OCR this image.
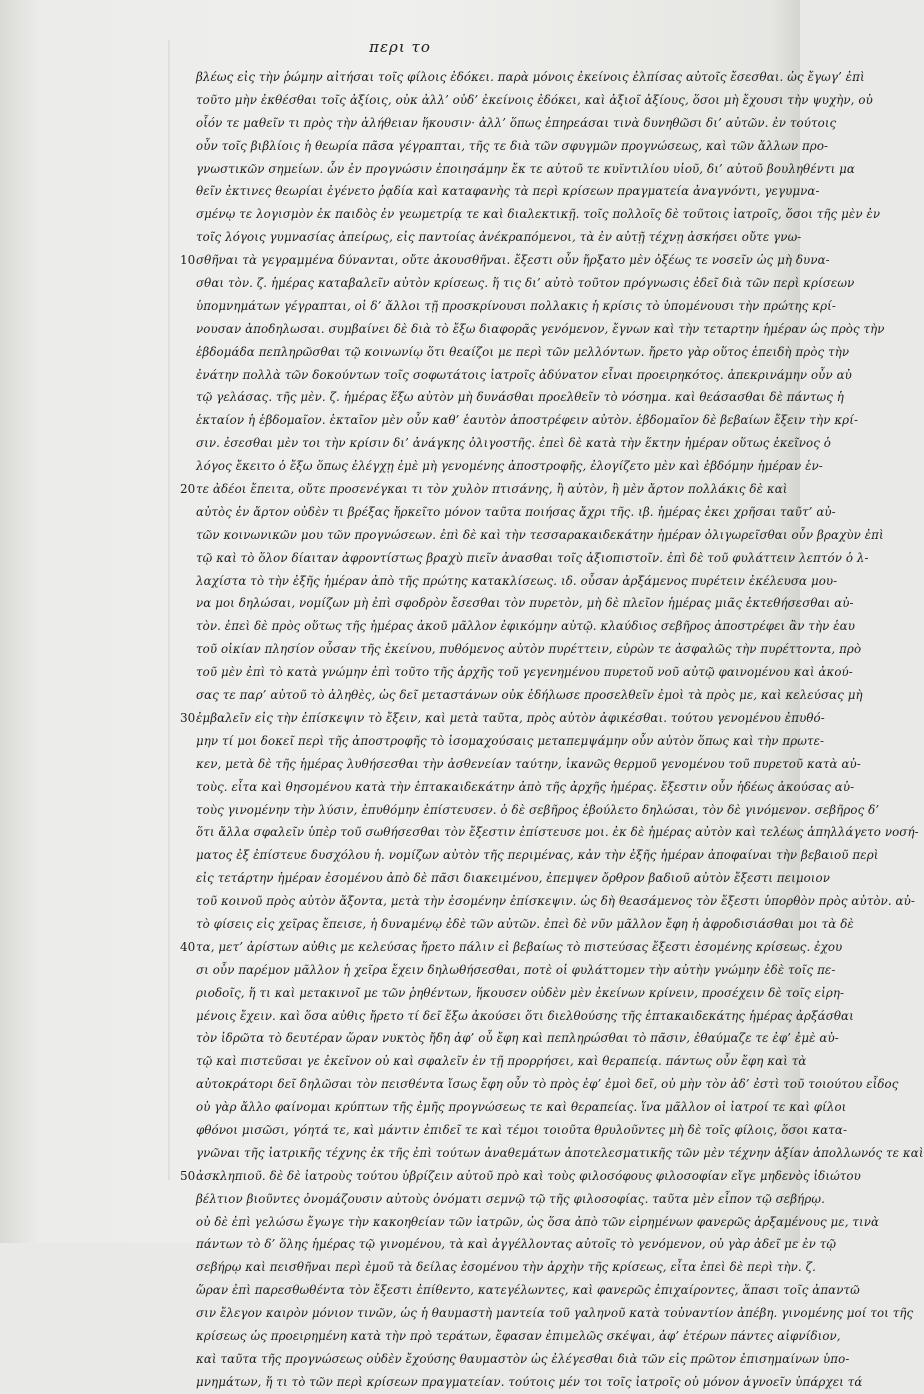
περι το
10
20
30
40
50
βλέως εἰς τὴν ῥώμην αἰτήσαι τοῖς φίλοις ἐδόκει. παρὰ μόνοις ἐκείνοις ἐλπίσας αὐτοῖς ἔσεσθαι. ὡς ἔγωγ’ ἐπὶ
τοῦτο μὴν ἐκθέσθαι τοῖς ἀξίοις, οὐκ ἀλλ’ οὐδ’ ἐκείνοις ἐδόκει, καὶ ἀξιοῖ ἀξίους, ὅσοι μὴ ἔχουσι τὴν ψυχὴν, οὐ
οἷόν τε μαθεῖν τι πρὸς τὴν ἀλήθειαν ἥκουσιν· ἀλλ’ ὅπως ἐπηρεάσαι τινὰ δυνηθῶσι δι’ αὐτῶν. ἐν τούτοις
οὖν τοῖς βιβλίοις ἡ θεωρία πᾶσα γέγραπται, τῆς τε διὰ τῶν σφυγμῶν προγνώσεως, καὶ τῶν ἄλλων προ-
γνωστικῶν σημείων. ὧν ἐν προγνώσιν ἐποιησάμην ἔκ τε αὐτοῦ τε κυϊντιλίου υἱοῦ, δι’ αὐτοῦ βουληθέντι μα
θεῖν ἐκτινες θεωρίαι ἐγένετο ῥᾳδία καὶ καταφανὴς τὰ περὶ κρίσεων πραγματεία ἀναγνόντι, γεγυμνα-
σμένῳ τε λογισμὸν ἐκ παιδὸς ἐν γεωμετρίᾳ τε καὶ διαλεκτικῇ. τοῖς πολλοῖς δὲ τοῦτοις ἰατροῖς, ὅσοι τῆς μὲν ἐν
τοῖς λόγοις γυμνασίας ἀπείρως, εἰς παντοίας ἀνέκραπόμενοι, τὰ ἐν αὐτῇ τέχνῃ ἀσκήσει οὔτε γνω-
σθῆναι τὰ γεγραμμένα δύνανται, οὔτε ἀκουσθῆναι. ἔξεστι οὖν ἤρξατο μὲν ὀξέως τε νοσεῖν ὡς μὴ δυνα-
σθαι τὸν. ζ. ἡμέρας καταβαλεῖν αὐτὸν κρίσεως. ἥ τις δι’ αὐτὸ τοῦτον πρόγνωσις ἐδεῖ διὰ τῶν περὶ κρίσεων
ὑπομνημάτων γέγραπται, οἱ δ’ ἄλλοι τῇ προσκρίνουσι πολλακις ἡ κρίσις τὸ ὑπομένουσι τὴν πρώτης κρί-
νουσαν ἀποδηλωσαι. συμβαίνει δὲ διὰ τὸ ἔξω διαφορᾶς γενόμενον, ἔγνων καὶ τὴν τεταρτην ἡμέραν ὡς πρὸς τὴν
ἑβδομάδα πεπληρῶσθαι τῷ κοινωνίῳ ὅτι θεαίζοι με περὶ τῶν μελλόντων. ἤρετο γὰρ οὕτος ἐπειδὴ πρὸς τὴν
ἐνάτην πολλὰ τῶν δοκούντων τοῖς σοφωτάτοις ἰατροῖς ἀδύνατον εἶναι προειρηκότος. ἀπεκρινάμην οὖν αὐ
τῷ γελάσας. τῆς μὲν. ζ. ἡμέρας ἕξω αὐτὸν μὴ δυνάσθαι προελθεῖν τὸ νόσημα. καὶ θεάσασθαι δὲ πάντως ἡ
ἑκταίον ἡ ἑβδομαῖον. ἑκταῖον μὲν οὖν καθ’ ἑαυτὸν ἀποστρέφειν αὐτὸν. ἑβδομαῖον δὲ βεβαίων ἔξειν τὴν κρί-
σιν. ἐσεσθαι μὲν τοι τὴν κρίσιν δι’ ἀνάγκης ὀλιγοστῆς. ἐπεὶ δὲ κατὰ τὴν ἕκτην ἡμέραν οὕτως ἐκεῖνος ὁ
λόγος ἔκειτο ὁ ἔξω ὅπως ἐλέγχῃ ἐμὲ μὴ γενομένης ἀποστροφῆς, ἐλογίζετο μὲν καὶ ἑβδόμην ἡμέραν ἑν-
τε ἀδέοι ἔπειτα, οὔτε προσενέγκαι τι τὸν χυλὸν πτισάνης, ἢ αὐτὸν, ἢ μὲν ἄρτον πολλάκις δὲ καὶ
αὐτὸς ἐν ἄρτον οὐδὲν τι βρέξας ἤρκεῖτο μόνον ταῦτα ποιήσας ἄχρι τῆς. ιβ. ἡμέρας ἐκει χρῆσαι ταῦτ’ αὐ-
τῶν κοινωνικῶν μου τῶν προγνώσεων. ἐπὶ δὲ καὶ τὴν τεσσαρακαιδεκάτην ἡμέραν ὀλιγωρεῖσθαι οὖν βραχὺν ἐπὶ
τῷ καὶ τὸ ὅλον δίαιταν ἀφροντίστως βραχὺ πιεῖν ἀνασθαι τοῖς ἀξιοπιστοῖν. ἐπὶ δὲ τοῦ φυλάττειν λεπτόν ὁ λ-
λαχίστα τὸ τὴν ἐξῆς ἡμέραν ἀπὸ τῆς πρώτης κατακλίσεως. ιδ. οὖσαν ἀρξάμενος πυρέτειν ἐκέλευσα μου-
να μοι δηλώσαι, νομίζων μὴ ἐπὶ σφοδρὸν ἔσεσθαι τὸν πυρετὸν, μὴ δὲ πλεῖον ἡμέρας μιᾶς ἐκτεθήσεσθαι αὐ-
τὸν. ἐπεὶ δὲ πρὸς οὕτως τῆς ἡμέρας ἀκοῦ μᾶλλον ἐφικόμην αὐτῷ. κλαύδιος σεβῆρος ἀποστρέφει ἂν τὴν ἑαυ
τοῦ οἰκίαν πλησίον οὖσαν τῆς ἐκείνου, πυθόμενος αὐτὸν πυρέττειν, εὐρὼν τε ἀσφαλῶς τὴν πυρέττοντα, πρὸ
τοῦ μὲν ἐπὶ τὸ κατὰ γνώμην ἐπὶ τοῦτο τῆς ἀρχῆς τοῦ γεγενημένου πυρετοῦ νοῦ αὐτῷ φαινομένου καὶ ἀκού-
σας τε παρ’ αὐτοῦ τὸ ἀληθὲς, ὡς δεῖ μεταστάνων οὐκ ἐδήλωσε προσελθεῖν ἐμοὶ τὰ πρὸς με, καὶ κελεύσας μὴ
ἐμβαλεῖν εἰς τὴν ἐπίσκεψιν τὸ ἔξειν, καὶ μετὰ ταῦτα, πρὸς αὐτὸν ἀφικέσθαι. τούτου γενομένου ἐπυθό-
μην τί μοι δοκεῖ περὶ τῆς ἀποστροφῆς τὸ ἰσομαχούσαις μεταπεμψάμην οὖν αὐτὸν ὅπως καὶ τὴν πρωτε-
κεν, μετὰ δὲ τῆς ἡμέρας λυθήσεσθαι τὴν ἀσθενείαν ταύτην, ἱκανῶς θερμοῦ γενομένου τοῦ πυρετοῦ κατὰ αὐ-
τοὺς. εἶτα καὶ θησομένου κατὰ τὴν ἑπτακαιδεκάτην ἀπὸ τῆς ἀρχῆς ἡμέρας. ἔξεστιν οὖν ἡδέως ἀκούσας αὐ-
τοὺς γινομένην τὴν λύσιν, ἐπυθόμην ἐπίστευσεν. ὁ δὲ σεβῆρος ἐβούλετο δηλώσαι, τὸν δὲ γινόμενον. σεβῆρος δ’
ὅτι ἄλλα σφαλεῖν ὑπὲρ τοῦ σωθήσεσθαι τὸν ἔξεστιν ἐπίστευσε μοι. ἐκ δὲ ἡμέρας αὐτὸν καὶ τελέως ἀπηλλάγετο νοσή-
ματος ἐξ ἐπίστευε δυσχόλου ἡ. νομίζων αὐτὸν τῆς περιμένας, κἀν τὴν ἐξῆς ἡμέραν ἀποφαίναι τὴν βεβαιοῦ περὶ
εἰς τετάρτην ἡμέραν ἐσομένου ἀπὸ δὲ πᾶσι διακειμένου, ἐπεμψεν ὄρθρον βαδιοῦ αὐτὸν ἔξεστι πειμοιον
τοῦ κοινοῦ πρὸς αὐτὸν ἄξοντα, μετὰ τὴν ἐσομένην ἐπίσκεψιν. ὡς δὴ θεασάμενος τὸν ἔξεστι ὑπορθὸν πρὸς αὐτὸν. αὐ-
τὸ φίσεις εἰς χεῖρας ἔπεισε, ἡ δυναμένῳ ἐδὲ τῶν αὐτῶν. ἐπεὶ δὲ νῦν μᾶλλον ἔφη ἡ ἀφροδισιάσθαι μοι τὰ δὲ
τα, μετ’ ἀρίστων αὐθις με κελεύσας ἤρετο πάλιν εἰ βεβαίως τὸ πιστεύσας ἔξεστι ἐσομένης κρίσεως. ἐχου
σι οὖν παρέμον μᾶλλον ἡ χεῖρα ἔχειν δηλωθήσεσθαι, ποτὲ οἱ φυλάττομεν τὴν αὐτὴν γνώμην ἐδὲ τοῖς πε-
ριοδοῖς, ἥ τι καὶ μετακινοῖ με τῶν ῥηθέντων, ἥκουσεν οὐδὲν μὲν ἐκείνων κρίνειν, προσέχειν δὲ τοῖς εἰρη-
μένοις ἔχειν. καὶ ὅσα αὐθις ἤρετο τί δεῖ ἔξω ἀκούσει ὅτι διελθούσης τῆς ἑπτακαιδεκάτης ἡμέρας ἀρξάσθαι
τὸν ἱδρῶτα τὸ δευτέραν ὥραν νυκτὸς ἤδη ἀφ’ οὗ ἔφη καὶ πεπληρώσθαι τὸ πᾶσιν, ἐθαύμαζε τε ἐφ’ ἐμὲ αὐ-
τῷ καὶ πιστεῦσαι γε ἐκεῖνον οὐ καὶ σφαλεῖν ἐν τῇ προρρήσει, καὶ θεραπείᾳ. πάντως οὖν ἔφη καὶ τὰ
αὐτοκράτορι δεῖ δηλῶσαι τὸν πεισθέντα ἴσως ἔφη οὖν τὸ πρὸς ἐφ’ ἐμοὶ δεῖ, οὐ μὴν τὸν ἀδ’ ἐστὶ τοῦ τοιούτου εἶδος
οὐ γὰρ ἄλλο φαίνομαι κρύπτων τῆς ἐμῆς προγνώσεως τε καὶ θεραπείας. ἵνα μᾶλλον οἱ ἰατροί τε καὶ φίλοι
φθόνοι μισῶσι, γόητά τε, καὶ μάντιν ἐπιδεῖ τε καὶ τέμοι τοιοῦτα θρυλοῦντες μὴ δὲ τοῖς φίλοις, ὅσοι κατα-
γνῶναι τῆς ἰατρικῆς τέχνης ἐκ τῆς ἐπὶ τούτων ἀναθεμάτων ἀποτελεσματικῆς τῶν μὲν τέχνην ἀξίαν ἀπολλωνός τε καὶ
ἀσκληπιοῦ. δὲ δὲ ἰατροὺς τούτου ὑβρίζειν αὐτοῦ πρὸ καὶ τοὺς φιλοσόφους φιλοσοφίαν εἴγε μηδενὸς ἰδιώτου
βέλτιον βιοῦντες ὀνομάζουσιν αὐτοὺς ὀνόματι σεμνῷ τῷ τῆς φιλοσοφίας. ταῦτα μὲν εἶπον τῷ σεβήρῳ.
οὐ δὲ ἐπὶ γελώσω ἔγωγε τὴν κακοηθείαν τῶν ἰατρῶν, ὡς ὅσα ἀπὸ τῶν εἰρημένων φανερῶς ἀρξαμένους με, τινὰ
πάντων τὸ δ’ ὅλης ἡμέρας τῷ γινομένου, τὰ καὶ ἀγγέλλοντας αὐτοῖς τὸ γενόμενον, οὐ γὰρ ἀδεῖ με ἐν τῷ
σεβήρῳ καὶ πεισθῆναι περὶ ἐμοῦ τὰ δείλας ἐσομένου τὴν ἀρχὴν τῆς κρίσεως, εἶτα ἐπεὶ δὲ περὶ τὴν. ζ.
ὥραν ἐπὶ παρεσθωθέντα τὸν ἔξεστι ἐπίθεντο, κατεγέλωντες, καὶ φανερῶς ἐπιχαίροντες, ἅπασι τοῖς ἀπαντῶ
σιν ἔλεγον καιρὸν μόνιον τινῶν, ὡς ἡ θαυμαστὴ μαντεία τοῦ γαληνοῦ κατὰ τοὐναντίον ἀπέβη. γινομένης μοί τοι τῆς
κρίσεως ὡς προειρημένη κατὰ τὴν πρὸ τεράτων, ἔφασαν ἐπιμελῶς σκέψαι, ἀφ’ ἑτέρων πάντες αἰφνίδιον,
καὶ ταῦτα τῆς προγνώσεως οὐδὲν ἔχούσης θαυμαστὸν ὡς ἐλέγεσθαι διὰ τῶν εἰς πρῶτον ἐπισημαίνων ὑπο-
μνημάτων, ἥ τι τὸ τῶν περὶ κρίσεων πραγματείαν. τούτοις μέν τοι τοῖς ἰατροῖς οὐ μόνον ἀγνοεῖν ὑπάρχει τά
